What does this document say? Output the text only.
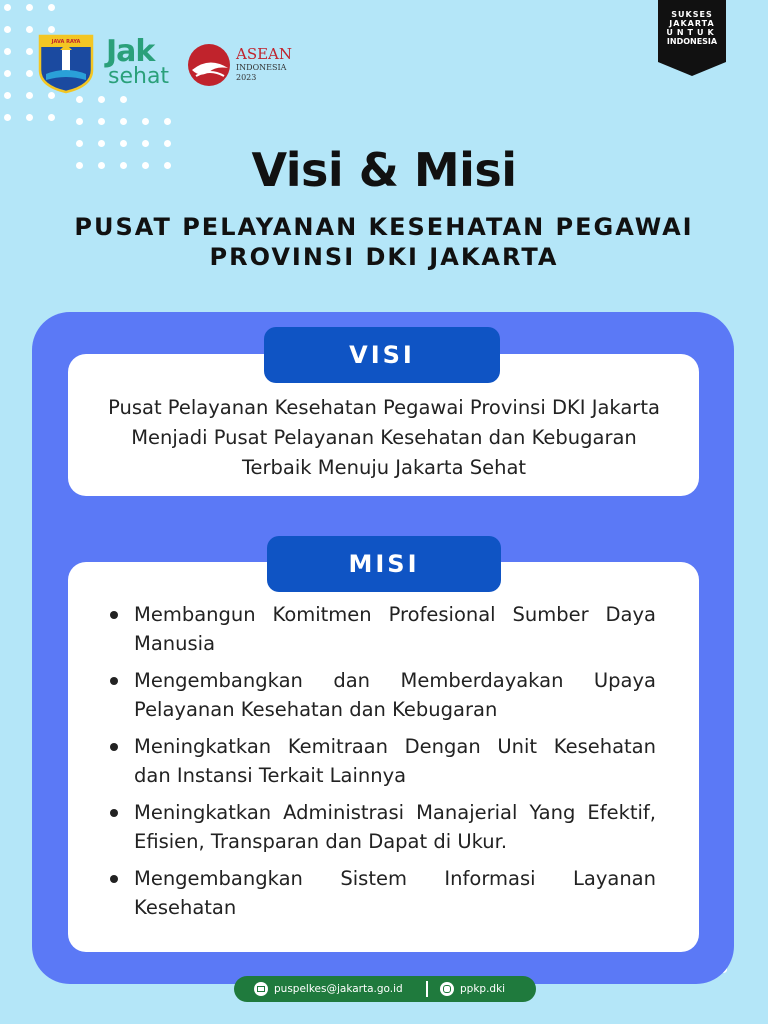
JAVA RAYA Jak
sehat
ASEAN
INDONESIA
2023
SUKSES
JAKARTA
UNTUK
INDONESIA
Visi & Misi
PUSAT PELAYANAN KESEHATAN PEGAWAI
PROVINSI DKI JAKARTA
VISI
Pusat Pelayanan Kesehatan Pegawai Provinsi DKI Jakarta Menjadi Pusat Pelayanan Kesehatan dan Kebugaran Terbaik Menuju Jakarta Sehat
MISI
Membangun Komitmen Profesional Sumber Daya Manusia
Mengembangkan dan Memberdayakan Upaya Pelayanan Kesehatan dan Kebugaran
Meningkatkan Kemitraan Dengan Unit Kesehatan dan Instansi Terkait Lainnya
Meningkatkan Administrasi Manajerial Yang Efektif, Efisien, Transparan dan Dapat di Ukur.
Mengembangkan Sistem Informasi Layanan Kesehatan
puspelkes@jakarta.go.id	ppkp.dki
